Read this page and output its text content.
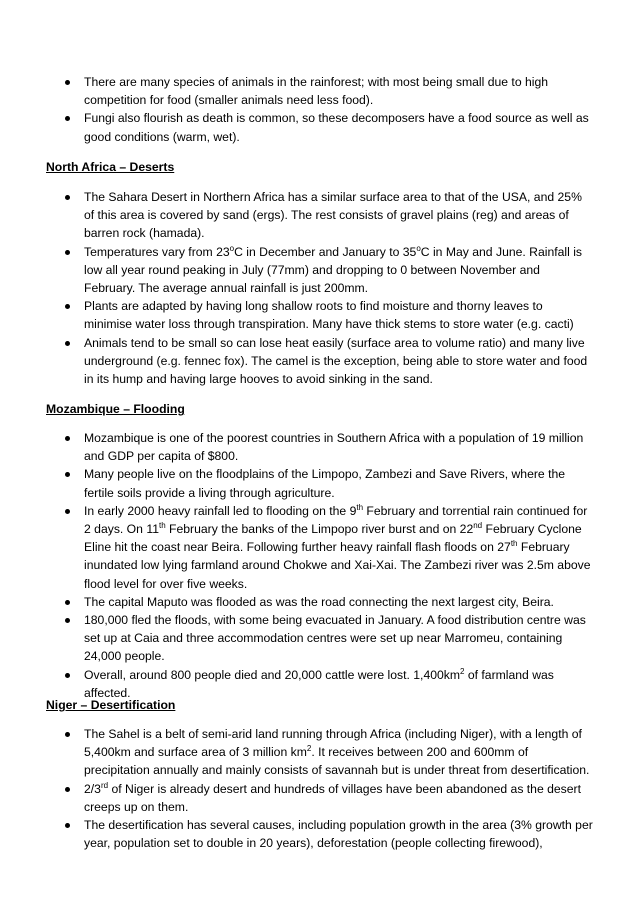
There are many species of animals in the rainforest; with most being small due to high competition for food (smaller animals need less food).
Fungi also flourish as death is common, so these decomposers have a food source as well as good conditions (warm, wet).
North Africa – Deserts
The Sahara Desert in Northern Africa has a similar surface area to that of the USA, and 25% of this area is covered by sand (ergs). The rest consists of gravel plains (reg) and areas of barren rock (hamada).
Temperatures vary from 23$^o$C in December and January to 35$^o$C in May and June. Rainfall is low all year round peaking in July (77mm) and dropping to 0 between November and February. The average annual rainfall is just 200mm.
Plants are adapted by having long shallow roots to find moisture and thorny leaves to minimise water loss through transpiration. Many have thick stems to store water (e.g. cacti)
Animals tend to be small so can lose heat easily (surface area to volume ratio) and many live underground (e.g. fennec fox). The camel is the exception, being able to store water and food in its hump and having large hooves to avoid sinking in the sand.
Mozambique – Flooding
Mozambique is one of the poorest countries in Southern Africa with a population of 19 million and GDP per capita of $800.
Many people live on the floodplains of the Limpopo, Zambezi and Save Rivers, where the fertile soils provide a living through agriculture.
In early 2000 heavy rainfall led to flooding on the 9th February and torrential rain continued for 2 days. On 11th February the banks of the Limpopo river burst and on 22nd February Cyclone Eline hit the coast near Beira. Following further heavy rainfall flash floods on 27th February inundated low lying farmland around Chokwe and Xai-Xai. The Zambezi river was 2.5m above flood level for over five weeks.
The capital Maputo was flooded as was the road connecting the next largest city, Beira.
180,000 fled the floods, with some being evacuated in January. A food distribution centre was set up at Caia and three accommodation centres were set up near Marromeu, containing 24,000 people.
Overall, around 800 people died and 20,000 cattle were lost. $1,400km^2$ of farmland was affected.
Niger – Desertification
The Sahel is a belt of semi-arid land running through Africa (including Niger), with a length of 5,400km and surface area of 3 million $km^2$. It receives between 200 and 600mm of precipitation annually and mainly consists of savannah but is under threat from desertification.
2/3rd of Niger is already desert and hundreds of villages have been abandoned as the desert creeps up on them.
The desertification has several causes, including population growth in the area (3% growth per year, population set to double in 20 years), deforestation (people collecting firewood),
